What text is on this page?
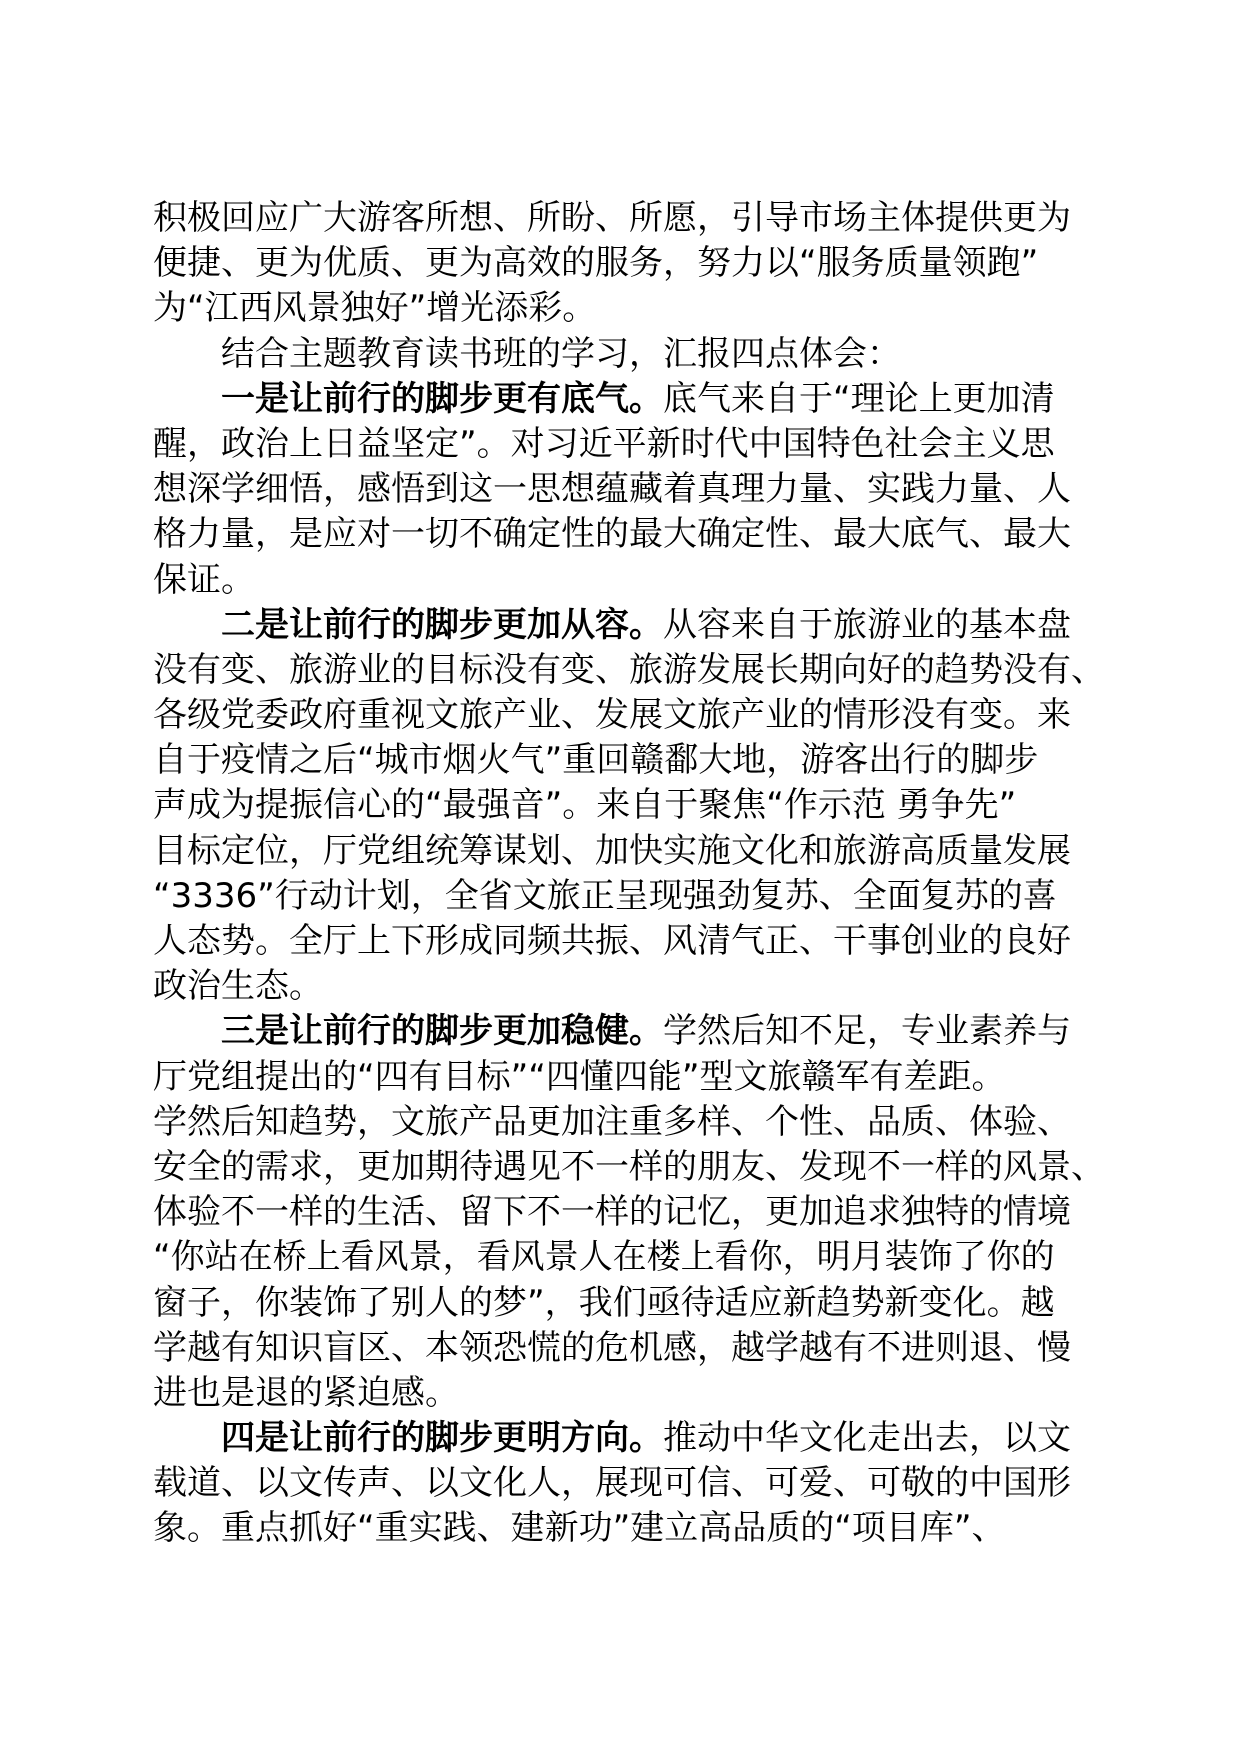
积极回应广大游客所想、所盼、所愿，引导市场主体提供更为
便捷、更为优质、更为高效的服务，努力以“服务质量领跑”
为“江西风景独好”增光添彩。
结合主题教育读书班的学习，汇报四点体会：
一是让前行的脚步更有底气。底气来自于“理论上更加清
醒，政治上日益坚定”。对习近平新时代中国特色社会主义思
想深学细悟，感悟到这一思想蕴藏着真理力量、实践力量、人
格力量，是应对一切不确定性的最大确定性、最大底气、最大
保证。
二是让前行的脚步更加从容。从容来自于旅游业的基本盘
没有变、旅游业的目标没有变、旅游发展长期向好的趋势没有、
各级党委政府重视文旅产业、发展文旅产业的情形没有变。来
自于疫情之后“城市烟火气”重回赣鄱大地，游客出行的脚步
声成为提振信心的“最强音”。来自于聚焦“作示范 勇争先”
目标定位，厅党组统筹谋划、加快实施文化和旅游高质量发展
“3336”行动计划，全省文旅正呈现强劲复苏、全面复苏的喜
人态势。全厅上下形成同频共振、风清气正、干事创业的良好
政治生态。
三是让前行的脚步更加稳健。学然后知不足，专业素养与
厅党组提出的“四有目标”“四懂四能”型文旅赣军有差距。
学然后知趋势，文旅产品更加注重多样、个性、品质、体验、
安全的需求，更加期待遇见不一样的朋友、发现不一样的风景、
体验不一样的生活、留下不一样的记忆，更加追求独特的情境
“你站在桥上看风景，看风景人在楼上看你，明月装饰了你的
窗子，你装饰了别人的梦”，我们亟待适应新趋势新变化。越
学越有知识盲区、本领恐慌的危机感，越学越有不进则退、慢
进也是退的紧迫感。
四是让前行的脚步更明方向。推动中华文化走出去，以文
载道、以文传声、以文化人，展现可信、可爱、可敬的中国形
象。重点抓好“重实践、建新功”建立高品质的“项目库”、
